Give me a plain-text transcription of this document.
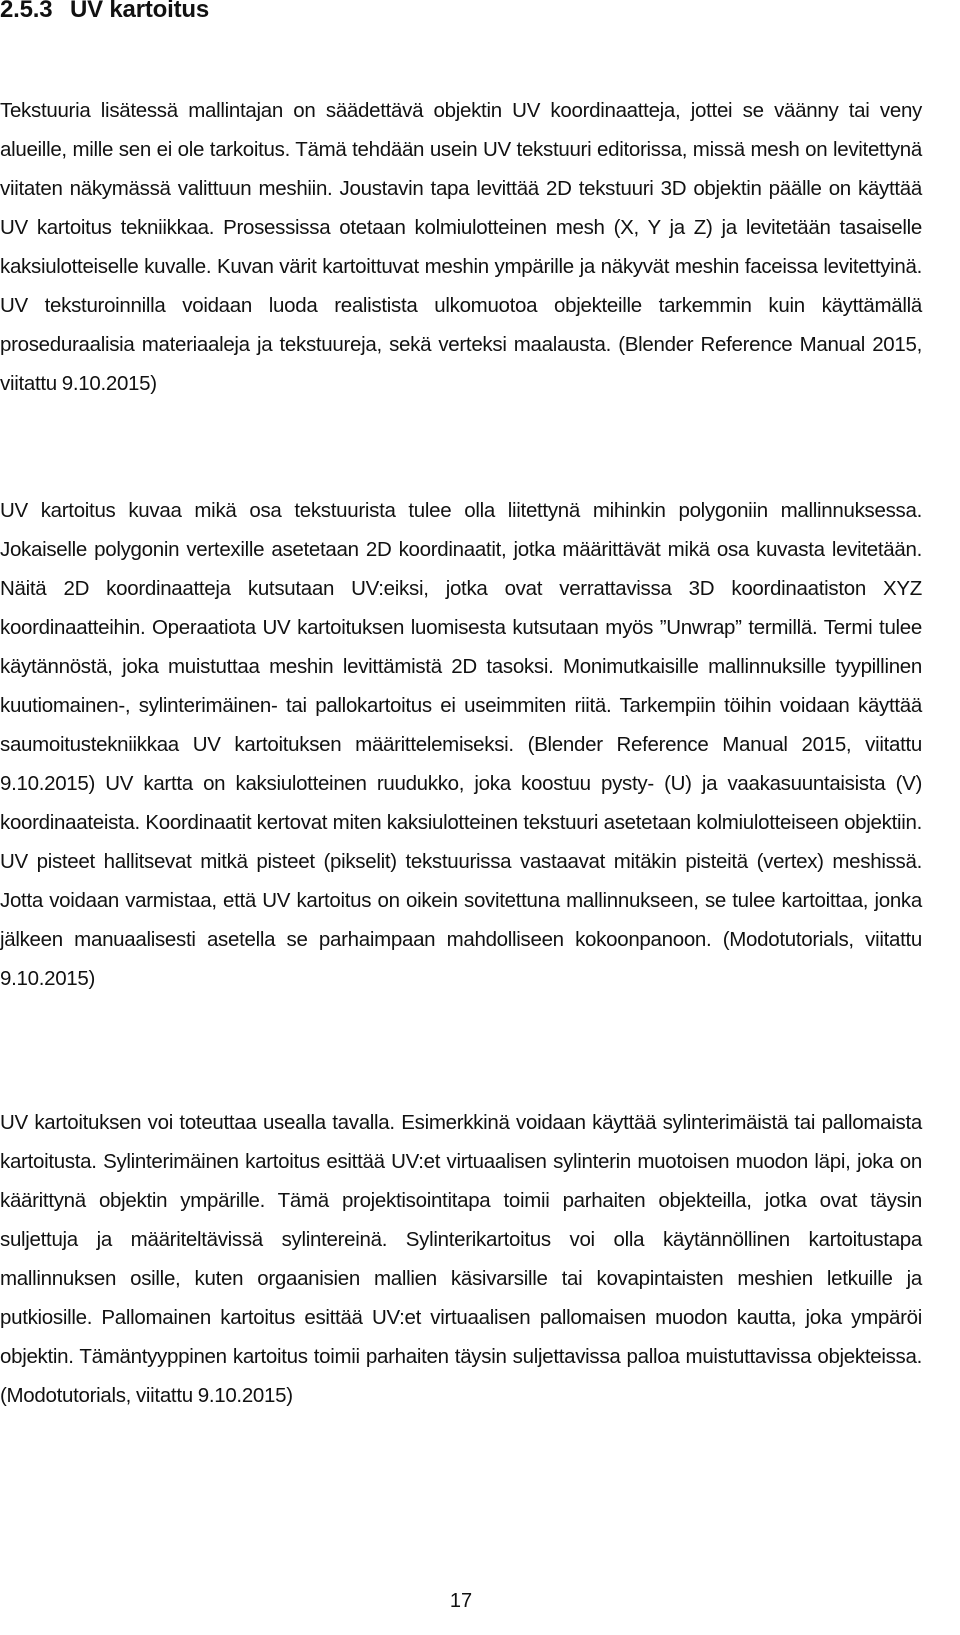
2.5.3 UV kartoitus

Tekstuuria lisätessä mallintajan on säädettävä objektin UV koordinaatteja, jottei se väänny tai veny alueille, mille sen ei ole tarkoitus. Tämä tehdään usein UV tekstuuri editorissa, missä mesh on levitettynä viitaten näkymässä valittuun meshiin. Joustavin tapa levittää 2D tekstuuri 3D objektin päälle on käyttää UV kartoitus tekniikkaa. Prosessissa otetaan kolmiulotteinen mesh (X, Y ja Z) ja levitetään tasaiselle kaksiulotteiselle kuvalle. Kuvan värit kartoittuvat meshin ympärille ja näkyvät meshin faceissa levitettyinä. UV teksturoinnilla voidaan luoda realistista ulkomuotoa objekteille tarkemmin kuin käyttämällä proseduraalisia materiaaleja ja tekstuureja, sekä verteksi maalausta. (Blender Reference Manual 2015, viitattu 9.10.2015)

UV kartoitus kuvaa mikä osa tekstuurista tulee olla liitettynä mihinkin polygoniin mallinnuksessa. Jokaiselle polygonin vertexille asetetaan 2D koordinaatit, jotka määrittävät mikä osa kuvasta levitetään. Näitä 2D koordinaatteja kutsutaan UV:eiksi, jotka ovat verrattavissa 3D koordinaatiston XYZ koordinaatteihin. Operaatiota UV kartoituksen luomisesta kutsutaan myös ”Unwrap” termillä. Termi tulee käytännöstä, joka muistuttaa meshin levittämistä 2D tasoksi. Monimutkaisille mallinnuksille tyypillinen kuutiomainen-, sylinterimäinen- tai pallokartoitus ei useimmiten riitä. Tarkempiin töihin voidaan käyttää saumoitustekniikkaa UV kartoituksen määrittelemiseksi. (Blender Reference Manual 2015, viitattu 9.10.2015) UV kartta on kaksiulotteinen ruudukko, joka koostuu pysty- (U) ja vaakasuuntaisista (V) koordinaateista. Koordinaatit kertovat miten kaksiulotteinen tekstuuri asetetaan kolmiulotteiseen objektiin. UV pisteet hallitsevat mitkä pisteet (pikselit) tekstuurissa vastaavat mitäkin pisteitä (vertex) meshissä. Jotta voidaan varmistaa, että UV kartoitus on oikein sovitettuna mallinnukseen, se tulee kartoittaa, jonka jälkeen manuaalisesti asetella se parhaimpaan mahdolliseen kokoonpanoon. (Modotutorials, viitattu 9.10.2015)

UV kartoituksen voi toteuttaa usealla tavalla. Esimerkkinä voidaan käyttää sylinterimäistä tai pallomaista kartoitusta. Sylinterimäinen kartoitus esittää UV:et virtuaalisen sylinterin muotoisen muodon läpi, joka on käärittynä objektin ympärille. Tämä projektisointitapa toimii parhaiten objekteilla, jotka ovat täysin suljettuja ja määriteltävissä sylintereinä. Sylinterikartoitus voi olla käytännöllinen kartoitustapa mallinnuksen osille, kuten orgaanisien mallien käsivarsille tai kovapintaisten meshien letkuille ja putkiosille. Pallomainen kartoitus esittää UV:et virtuaalisen pallomaisen muodon kautta, joka ympäröi objektin. Tämäntyyppinen kartoitus toimii parhaiten täysin suljettavissa palloa muistuttavissa objekteissa. (Modotutorials, viitattu 9.10.2015)

17
